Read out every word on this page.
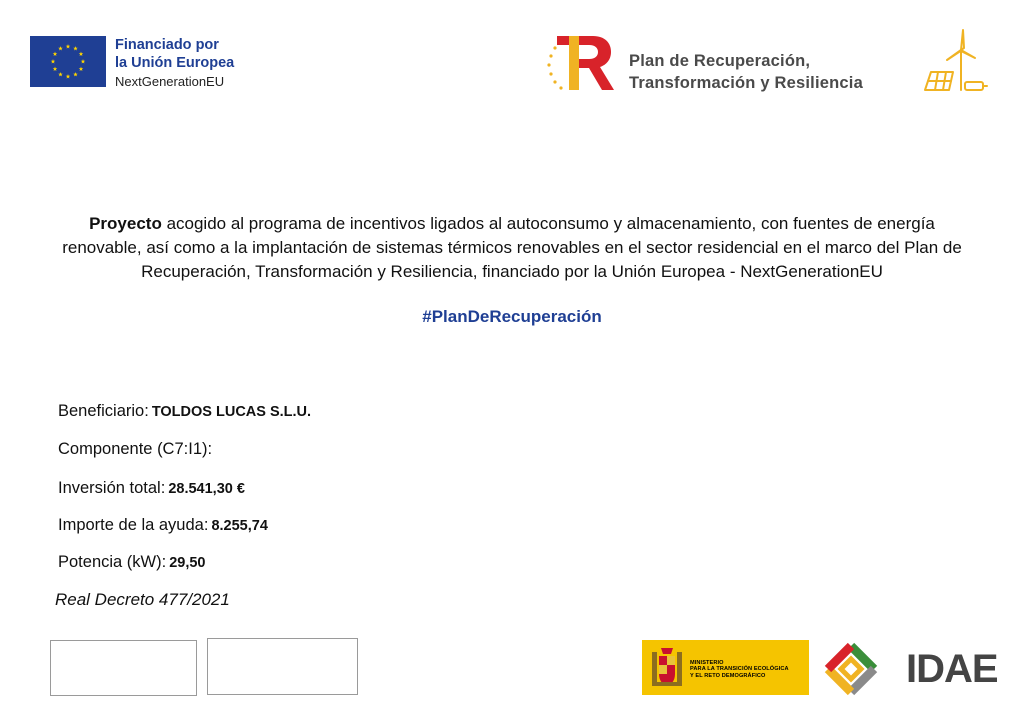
Financiado por
la Unión Europea
NextGenerationEU
Plan de Recuperación,
Transformación y Resiliencia

Proyecto acogido al programa de incentivos ligados al autoconsumo y almacenamiento, con fuentes de energía renovable, así como a la implantación de sistemas térmicos renovables en el sector residencial en el marco del Plan de Recuperación, Transformación y Resiliencia, financiado por la Unión Europea - NextGenerationEU

#PlanDeRecuperación
Beneficiario: TOLDOS LUCAS S.L.U.
Componente (C7:I1):
Inversión total: 28.541,30 €
Importe de la ayuda: 8.255,74
Potencia (kW): 29,50
Real Decreto 477/2021
MINISTERIO
PARA LA TRANSICIÓN ECOLÓGICA
Y EL RETO DEMOGRÁFICO	IDAE
